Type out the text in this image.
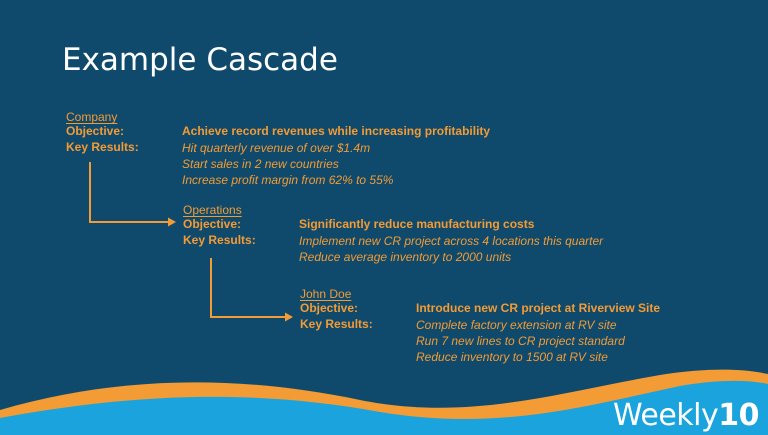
Example Cascade
Company
Objective:
Key Results:
Achieve record revenues while increasing profitability
Hit quarterly revenue of over $1.4m
Start sales in 2 new countries
Increase profit margin from 62% to 55%
Operations
Objective:
Key Results:
Significantly reduce manufacturing costs
Implement new CR project across 4 locations this quarter
Reduce average inventory to 2000 units
John Doe
Objective:
Key Results:
Introduce new CR project at Riverview Site
Complete factory extension at RV site
Run 7 new lines to CR project standard
Reduce inventory to 1500 at RV site
Weekly10
